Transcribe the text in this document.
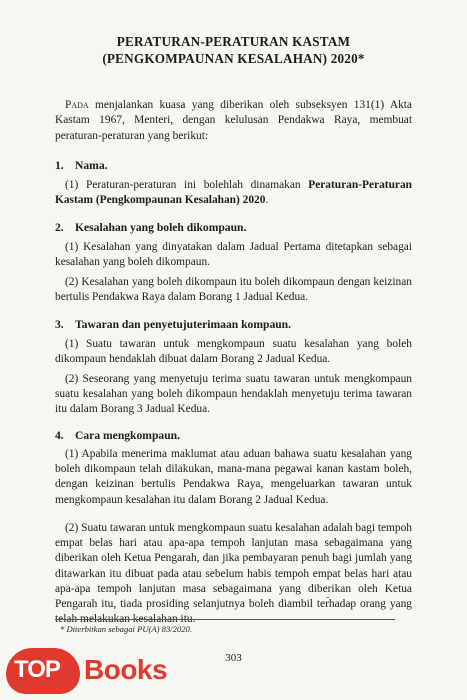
PERATURAN-PERATURAN KASTAM
(PENGKOMPAUNAN KESALAHAN) 2020*
Pada menjalankan kuasa yang diberikan oleh subseksyen 131(1) Akta Kastam 1967, Menteri, dengan kelulusan Pendakwa Raya, membuat peraturan-peraturan yang berikut:
1. Nama.
(1) Peraturan-peraturan ini bolehlah dinamakan Peraturan-Peraturan Kastam (Pengkompaunan Kesalahan) 2020.
2. Kesalahan yang boleh dikompaun.
(1) Kesalahan yang dinyatakan dalam Jadual Pertama ditetapkan sebagai kesalahan yang boleh dikompaun.
(2) Kesalahan yang boleh dikompaun itu boleh dikompaun dengan keizinan bertulis Pendakwa Raya dalam Borang 1 Jadual Kedua.
3. Tawaran dan penyetujuterimaan kompaun.
(1) Suatu tawaran untuk mengkompaun suatu kesalahan yang boleh dikompaun hendaklah dibuat dalam Borang 2 Jadual Kedua.
(2) Seseorang yang menyetuju terima suatu tawaran untuk mengkompaun suatu kesalahan yang boleh dikompaun hendaklah menyetuju terima tawaran itu dalam Borang 3 Jadual Kedua.
4. Cara mengkompaun.
(1) Apabila menerima maklumat atau aduan bahawa suatu kesalahan yang boleh dikompaun telah dilakukan, mana-mana pegawai kanan kastam boleh, dengan keizinan bertulis Pendakwa Raya, mengeluarkan tawaran untuk mengkompaun kesalahan itu dalam Borang 2 Jadual Kedua.
(2) Suatu tawaran untuk mengkompaun suatu kesalahan adalah bagi tempoh empat belas hari atau apa-apa tempoh lanjutan masa sebagaimana yang diberikan oleh Ketua Pengarah, dan jika pembayaran penuh bagi jumlah yang ditawarkan itu dibuat pada atau sebelum habis tempoh empat belas hari atau apa-apa tempoh lanjutan masa sebagaimana yang diberikan oleh Ketua Pengarah itu, tiada prosiding selanjutnya boleh diambil terhadap orang yang telah melakukan kesalahan itu.
* Diterbitkan sebagai PU(A) 83/2020.
303
TOP Books
